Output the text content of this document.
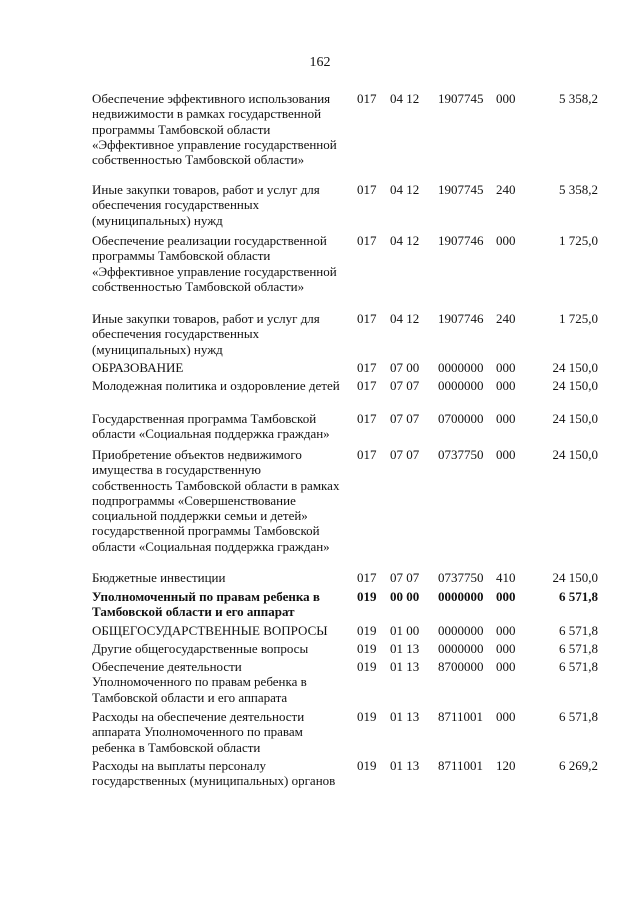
162
Обеспечение эффективного использования недвижимости в рамках государственной программы Тамбовской области «Эффективное управление государственной собственностью Тамбовской области»
017 04 12 1907745 000	5 358,2
Иные закупки товаров, работ и услуг для обеспечения государственных (муниципальных) нужд
017 04 12 1907745 240	5 358,2
Обеспечение реализации государственной программы Тамбовской области «Эффективное управление государственной собственностью Тамбовской области»
017 04 12 1907746 000	1 725,0
Иные закупки товаров, работ и услуг для обеспечения государственных (муниципальных) нужд
017 04 12 1907746 240	1 725,0
ОБРАЗОВАНИЕ	017 07 00 0000000 000	24 150,0
Молодежная политика и оздоровление детей 017 07 07 0000000 000	24 150,0
Государственная программа Тамбовской области «Социальная поддержка граждан»
017 07 07 0700000 000	24 150,0
Приобретение объектов недвижимого имущества в государственную собственность Тамбовской области в рамках подпрограммы «Совершенствование социальной поддержки семьи и детей» государственной программы Тамбовской области «Социальная поддержка граждан»
017 07 07 0737750 000	24 150,0
Бюджетные инвестиции	017 07 07 0737750 410	24 150,0
Уполномоченный по правам ребенка в Тамбовской области и его аппарат
019 00 00 0000000 000	6 571,8
ОБЩЕГОСУДАРСТВЕННЫЕ ВОПРОСЫ	019 01 00 0000000 000	6 571,8
Другие общегосударственные вопросы	019 01 13 0000000 000	6 571,8
Обеспечение деятельности Уполномоченного по правам ребенка в Тамбовской области и его аппарата
019 01 13 8700000 000	6 571,8
Расходы на обеспечение деятельности аппарата Уполномоченного по правам ребенка в Тамбовской области
019 01 13 8711001 000	6 571,8
Расходы на выплаты персоналу государственных (муниципальных) органов
019 01 13 8711001 120	6 269,2
